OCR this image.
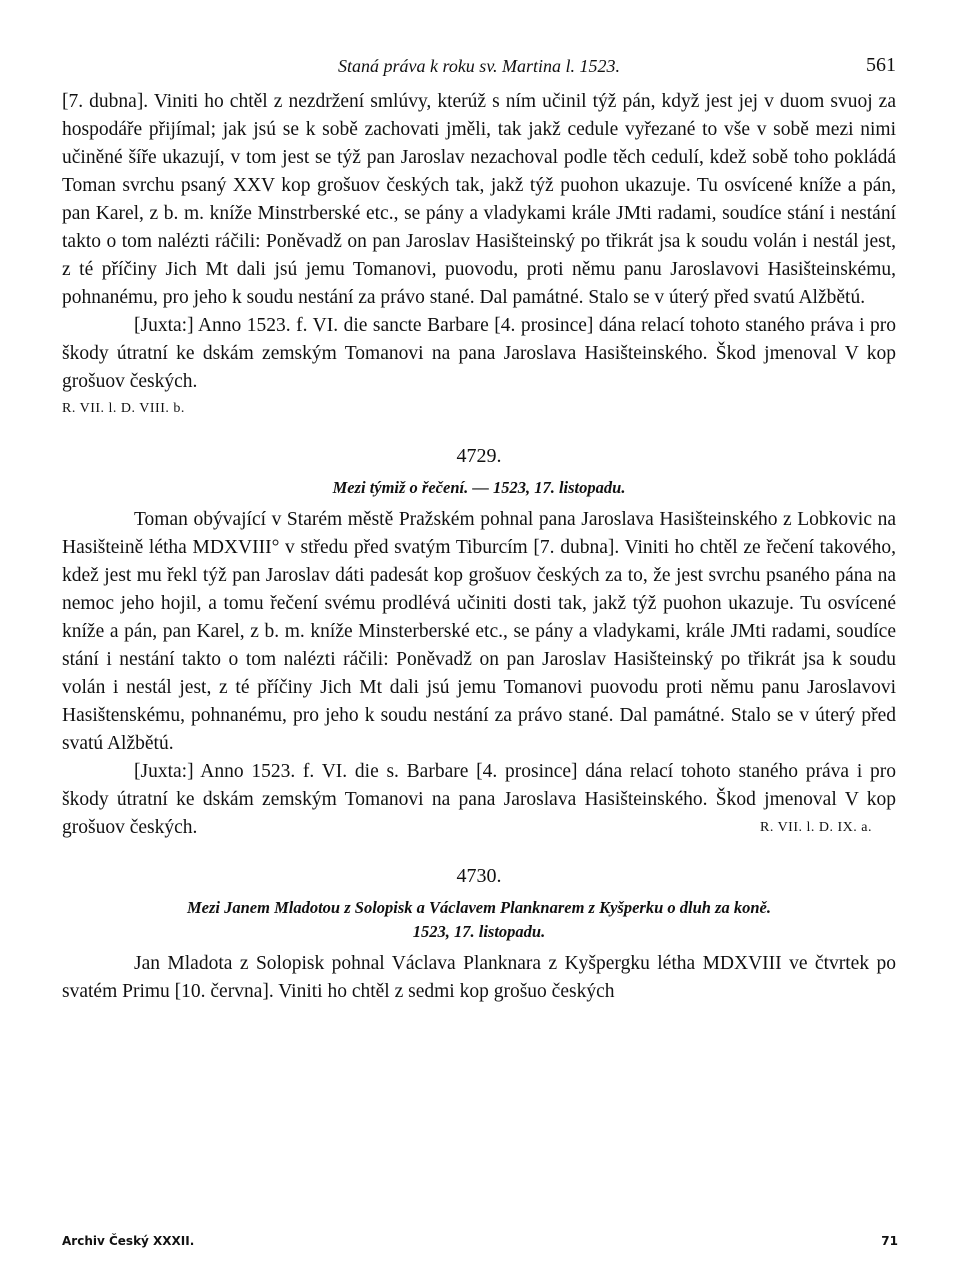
Staná práva k roku sv. Martina l. 1523.	561

[7. dubna]. Viniti ho chtěl z nezdržení smlúvy, kterúž s ním učinil týž pán, když jest jej v duom svuoj za hospodáře přijímal; jak jsú se k sobě zachovati jměli, tak jakž cedule vyřezané to vše v sobě mezi nimi učiněné šíře ukazují, v tom jest se týž pan Jaroslav nezachoval podle těch cedulí, kdež sobě toho pokládá Toman svrchu psaný XXV kop grošuov českých tak, jakž týž puohon ukazuje. Tu osvícené kníže a pán, pan Karel, z b. m. kníže Minstrberské etc., se pány a vladykami krále JMti radami, soudíce stání i nestání takto o tom nalézti ráčili: Poněvadž on pan Jaroslav Hasišteinský po třikrát jsa k soudu volán i nestál jest, z té příčiny Jich Mt dali jsú jemu Tomanovi, puovodu, proti němu panu Jaroslavovi Hasišteinskému, pohnanému, pro jeho k soudu nestání za právo stané. Dal památné. Stalo se v úterý před svatú Alžbětú.

[Juxta:] Anno 1523. f. VI. die sancte Barbare [4. prosince] dána relací tohoto staného práva i pro škody útratní ke dskám zemským Tomanovi na pana Jaroslava Hasišteinského. Škod jmenoval V kop grošuov českých.

R. VII. l. D. VIII. b.
4729.
Mezi týmiž o řečení. — 1523, 17. listopadu.

Toman obývající v Starém městě Pražském pohnal pana Jaroslava Hasišteinského z Lobkovic na Hasišteině létha MDXVIII° v středu před svatým Tiburcím [7. dubna]. Viniti ho chtěl ze řečení takového, kdež jest mu řekl týž pan Jaroslav dáti padesát kop grošuov českých za to, že jest svrchu psaného pána na nemoc jeho hojil, a tomu řečení svému prodlévá učiniti dosti tak, jakž týž puohon ukazuje. Tu osvícené kníže a pán, pan Karel, z b. m. kníže Minsterberské etc., se pány a vladykami, krále JMti radami, soudíce stání i nestání takto o tom nalézti ráčili: Poněvadž on pan Jaroslav Hasišteinský po třikrát jsa k soudu volán i nestál jest, z té příčiny Jich Mt dali jsú jemu Tomanovi puovodu proti němu panu Jaroslavovi Hasištenskému, pohnanému, pro jeho k soudu nestání za právo stané. Dal památné. Stalo se v úterý před svatú Alžbětú.

[Juxta:] Anno 1523. f. VI. die s. Barbare [4. prosince] dána relací tohoto staného práva i pro škody útratní ke dskám zemským Tomanovi na pana Jaroslava Hasišteinského. Škod jmenoval V kop grošuov českých.	R. VII. l. D. IX. a.

4730.
Mezi Janem Mladotou z Solopisk a Václavem Planknarem z Kyšperku o dluh za koně.
1523, 17. listopadu.

Jan Mladota z Solopisk pohnal Václava Planknara z Kyšpergku létha MDXVIII ve čtvrtek po svatém Primu [10. června]. Viniti ho chtěl z sedmi kop grošuo českých

Archiv Český XXXII.	71
